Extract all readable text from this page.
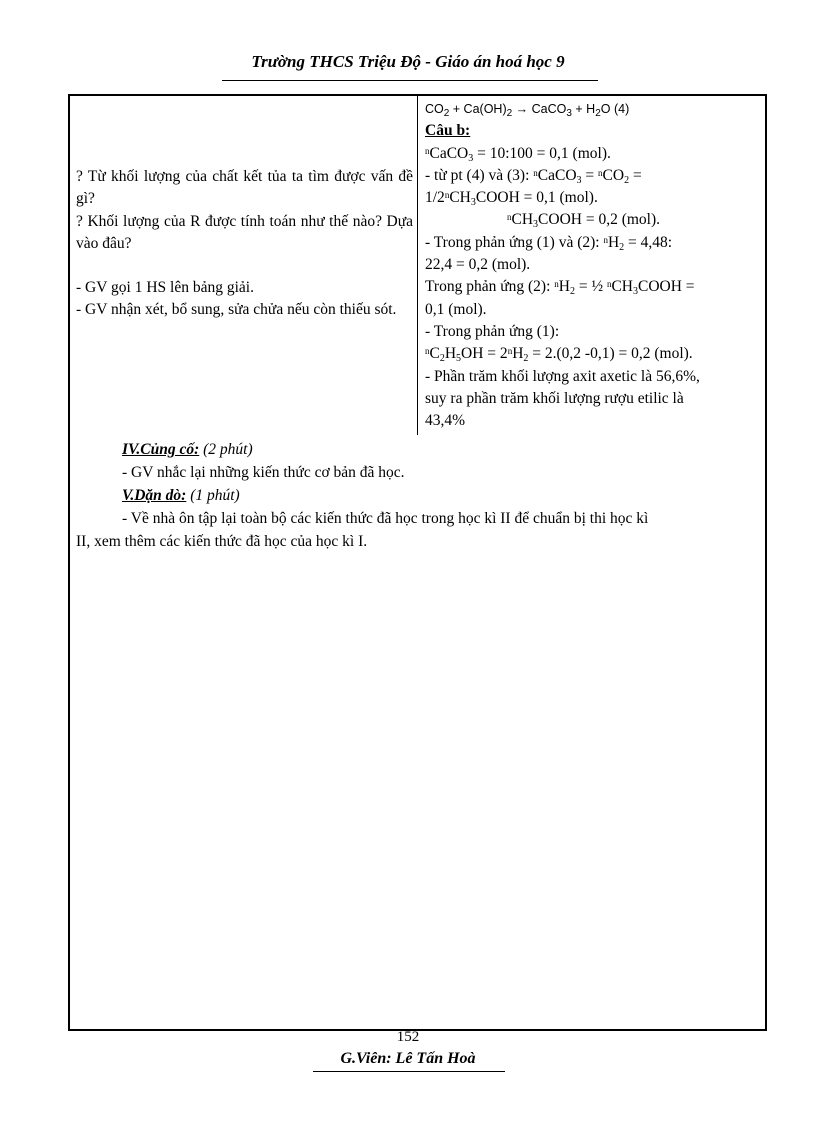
Trường THCS Triệu Độ - Giáo án hoá học 9

? Từ khối lượng của chất kết tủa ta tìm được vấn đề gì?

? Khối lượng của R được tính toán như thế nào? Dựa vào đâu?

- GV gọi 1 HS lên bảng giải.

- GV nhận xét, bổ sung, sửa chửa nếu còn thiếu sót.

$CO_2 + Ca(OH)_2$ → CaCO$_3$ + $H_2O$ (4)

Câu b:

$^n$CaCO$_3$ = 10:100 = 0,1 (mol).

- từ pt (4) và (3): $^n$CaCO$_3$ = $^nCO_2$ =

$1/2^nCH_3COOH = 0,1$ (mol).

$^nCH_3COOH = 0,2$ (mol).

- Trong phản ứng (1) và (2): $^nH_2 = 4,48$:

22,4 = 0,2 (mol).

Trong phản ứng (2): $^nH_2$ = ½ $^nCH_3COOH$ =

0,1 (mol).

- Trong phản ứng (1):

$^nC_2H_5OH = 2^nH_2 = 2.(0,2$ -0,1) = 0,2 (mol).

- Phần trăm khối lượng axit axetic là 56,6%,

suy ra phần trăm khối lượng rượu etilic là

43,4%

IV.Củng cố: (2 phút)

- GV nhắc lại những kiến thức cơ bản đã học.

V.Dặn dò: (1 phút)

- Về nhà ôn tập lại toàn bộ các kiến thức đã học trong học kì II để chuẩn bị thi học kì

II, xem thêm các kiến thức đã học của học kì I.

152
G.Viên: Lê Tấn Hoà
